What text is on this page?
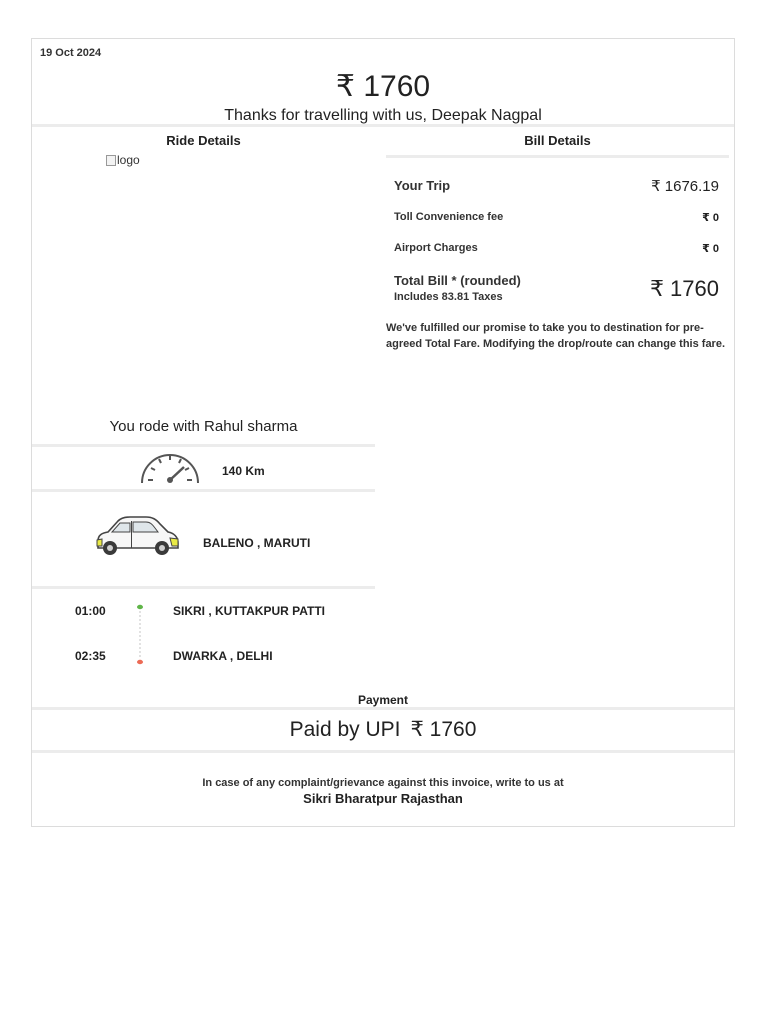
19 Oct 2024
₹ 1760
Thanks for travelling with us, Deepak Nagpal
Ride Details
logo
You rode with Rahul sharma
140 Km
BALENO , MARUTI
01:00	SIKRI , KUTTAKPUR PATTI
02:35	DWARKA , DELHI
Bill Details
Your Trip	₹ 1676.19
Toll Convenience fee	₹ 0
Airport Charges	₹ 0
Total Bill * (rounded)
Includes 83.81 Taxes	₹ 1760
We've fulfilled our promise to take you to destination for pre-agreed Total Fare. Modifying the drop/route can change this fare.
Payment
Paid by UPI ₹ 1760
In case of any complaint/grievance against this invoice, write to us at
Sikri Bharatpur Rajasthan
